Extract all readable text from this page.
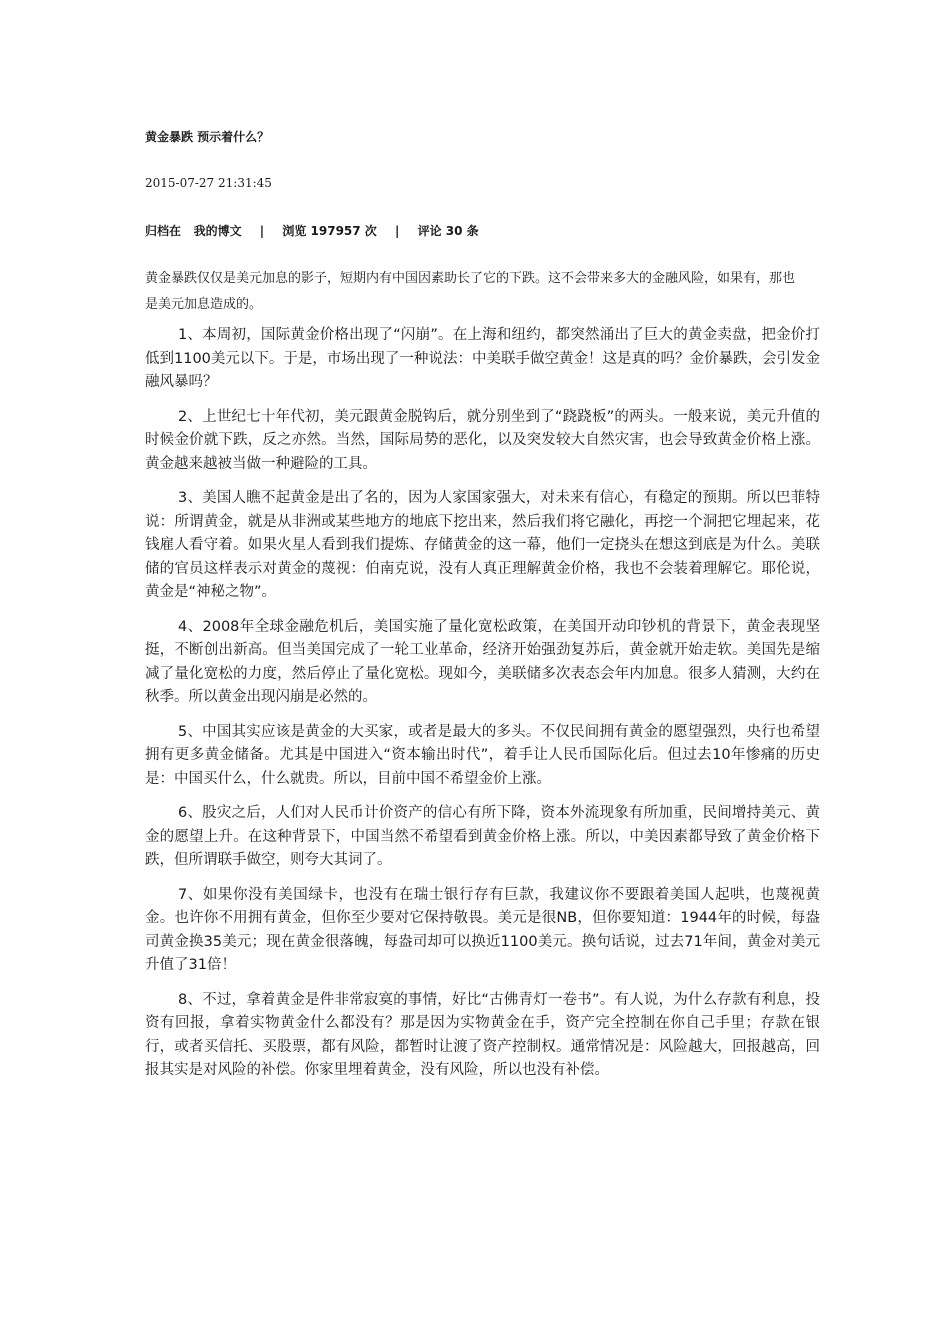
黄金暴跌 预示着什么？
2015-07-27 21:31:45
归档在 我的博文 | 浏览 197957 次 | 评论 30 条

黄金暴跌仅仅是美元加息的影子，短期内有中国因素助长了它的下跌。这不会带来多大的金融风险，如果有，那也是美元加息造成的。

1、本周初，国际黄金价格出现了“闪崩”。在上海和纽约，都突然涌出了巨大的黄金卖盘，把金价打低到1100美元以下。于是，市场出现了一种说法：中美联手做空黄金！这是真的吗？金价暴跌，会引发金融风暴吗？

2、上世纪七十年代初，美元跟黄金脱钩后，就分别坐到了“跷跷板”的两头。一般来说，美元升值的时候金价就下跌，反之亦然。当然，国际局势的恶化，以及突发较大自然灾害，也会导致黄金价格上涨。黄金越来越被当做一种避险的工具。

3、美国人瞧不起黄金是出了名的，因为人家国家强大，对未来有信心，有稳定的预期。所以巴菲特说：所谓黄金，就是从非洲或某些地方的地底下挖出来，然后我们将它融化，再挖一个洞把它埋起来，花钱雇人看守着。如果火星人看到我们提炼、存储黄金的这一幕，他们一定挠头在想这到底是为什么。美联储的官员这样表示对黄金的蔑视：伯南克说，没有人真正理解黄金价格，我也不会装着理解它。耶伦说，黄金是“神秘之物”。

4、2008年全球金融危机后，美国实施了量化宽松政策，在美国开动印钞机的背景下，黄金表现坚挺，不断创出新高。但当美国完成了一轮工业革命，经济开始强劲复苏后，黄金就开始走软。美国先是缩减了量化宽松的力度，然后停止了量化宽松。现如今，美联储多次表态会年内加息。很多人猜测，大约在秋季。所以黄金出现闪崩是必然的。

5、中国其实应该是黄金的大买家，或者是最大的多头。不仅民间拥有黄金的愿望强烈，央行也希望拥有更多黄金储备。尤其是中国进入“资本输出时代”，着手让人民币国际化后。但过去10年惨痛的历史是：中国买什么，什么就贵。所以，目前中国不希望金价上涨。

6、股灾之后，人们对人民币计价资产的信心有所下降，资本外流现象有所加重，民间增持美元、黄金的愿望上升。在这种背景下，中国当然不希望看到黄金价格上涨。所以，中美因素都导致了黄金价格下跌，但所谓联手做空，则夸大其词了。

7、如果你没有美国绿卡，也没有在瑞士银行存有巨款，我建议你不要跟着美国人起哄，也蔑视黄金。也许你不用拥有黄金，但你至少要对它保持敬畏。美元是很NB，但你要知道：1944年的时候，每盎司黄金换35美元；现在黄金很落魄，每盎司却可以换近1100美元。换句话说，过去71年间，黄金对美元升值了31倍！

8、不过，拿着黄金是件非常寂寞的事情，好比“古佛青灯一卷书”。有人说，为什么存款有利息，投资有回报，拿着实物黄金什么都没有？那是因为实物黄金在手，资产完全控制在你自己手里；存款在银行，或者买信托、买股票，都有风险，都暂时让渡了资产控制权。通常情况是：风险越大，回报越高，回报其实是对风险的补偿。你家里埋着黄金，没有风险，所以也没有补偿。
